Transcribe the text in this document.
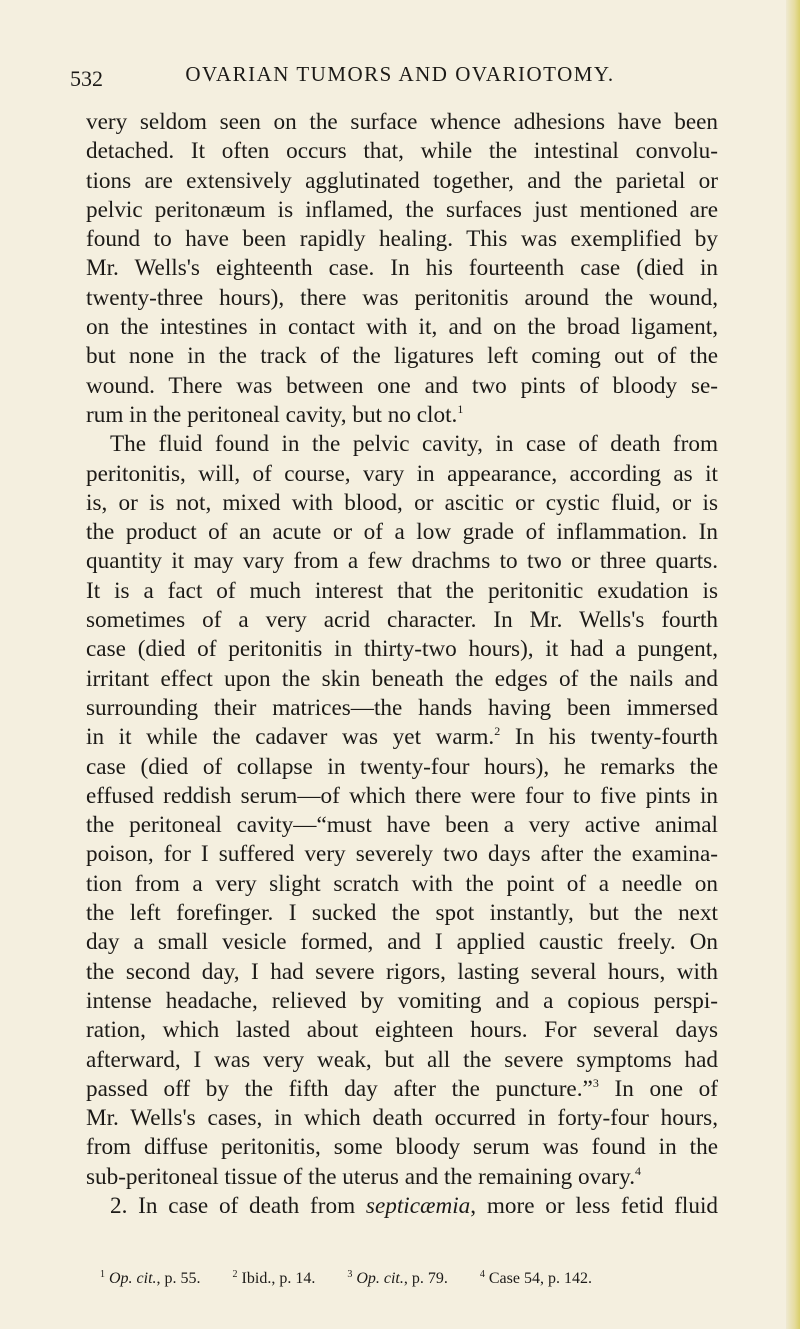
532	OVARIAN TUMORS AND OVARIOTOMY.
very seldom seen on the surface whence adhesions have been
detached. It often occurs that, while the intestinal convolu-
tions are extensively agglutinated together, and the parietal or
pelvic peritonæum is inflamed, the surfaces just mentioned are
found to have been rapidly healing. This was exemplified by
Mr. Wells's eighteenth case. In his fourteenth case (died in
twenty-three hours), there was peritonitis around the wound,
on the intestines in contact with it, and on the broad ligament,
but none in the track of the ligatures left coming out of the
wound. There was between one and two pints of bloody se-
rum in the peritoneal cavity, but no clot.$^1$
The fluid found in the pelvic cavity, in case of death from
peritonitis, will, of course, vary in appearance, according as it
is, or is not, mixed with blood, or ascitic or cystic fluid, or is
the product of an acute or of a low grade of inflammation. In
quantity it may vary from a few drachms to two or three quarts.
It is a fact of much interest that the peritonitic exudation is
sometimes of a very acrid character. In Mr. Wells's fourth
case (died of peritonitis in thirty-two hours), it had a pungent,
irritant effect upon the skin beneath the edges of the nails and
surrounding their matrices—the hands having been immersed
in it while the cadaver was yet warm.$^2$ In his twenty-fourth
case (died of collapse in twenty-four hours), he remarks the
effused reddish serum—of which there were four to five pints in
the peritoneal cavity—“must have been a very active animal
poison, for I suffered very severely two days after the examina-
tion from a very slight scratch with the point of a needle on
the left forefinger. I sucked the spot instantly, but the next
day a small vesicle formed, and I applied caustic freely. On
the second day, I had severe rigors, lasting several hours, with
intense headache, relieved by vomiting and a copious perspi-
ration, which lasted about eighteen hours. For several days
afterward, I was very weak, but all the severe symptoms had
passed off by the fifth day after the puncture.”$^3$ In one of
Mr. Wells's cases, in which death occurred in forty-four hours,
from diffuse peritonitis, some bloody serum was found in the
sub-peritoneal tissue of the uterus and the remaining ovary.$^4$
2. In case of death from septicæmia, more or less fetid fluid
$^1$ Op. cit., p. 55.	$^2$ Ibid., p. 14.	$^3$ Op. cit., p. 79.	$^4$ Case 54, p. 142.
